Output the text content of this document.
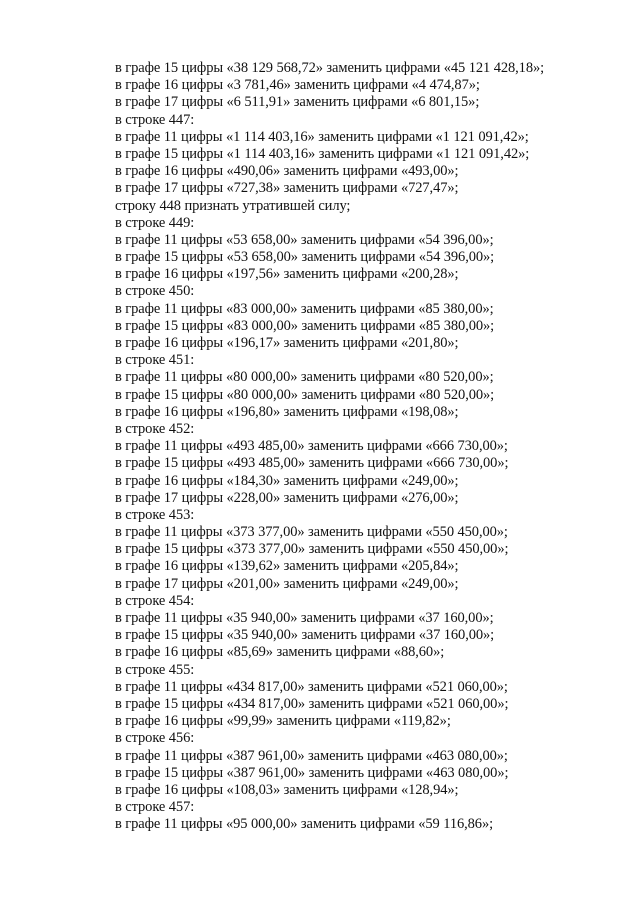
в графе 15 цифры «38 129 568,72» заменить цифрами «45 121 428,18»;
в графе 16 цифры «3 781,46» заменить цифрами «4 474,87»;
в графе 17 цифры «6 511,91» заменить цифрами «6 801,15»;
в строке 447:
в графе 11 цифры «1 114 403,16» заменить цифрами «1 121 091,42»;
в графе 15 цифры «1 114 403,16» заменить цифрами «1 121 091,42»;
в графе 16 цифры «490,06» заменить цифрами «493,00»;
в графе 17 цифры «727,38» заменить цифрами «727,47»;
строку 448 признать утратившей силу;
в строке 449:
в графе 11 цифры «53 658,00» заменить цифрами «54 396,00»;
в графе 15 цифры «53 658,00» заменить цифрами «54 396,00»;
в графе 16 цифры «197,56» заменить цифрами «200,28»;
в строке 450:
в графе 11 цифры «83 000,00» заменить цифрами «85 380,00»;
в графе 15 цифры «83 000,00» заменить цифрами «85 380,00»;
в графе 16 цифры «196,17» заменить цифрами «201,80»;
в строке 451:
в графе 11 цифры «80 000,00» заменить цифрами «80 520,00»;
в графе 15 цифры «80 000,00» заменить цифрами «80 520,00»;
в графе 16 цифры «196,80» заменить цифрами «198,08»;
в строке 452:
в графе 11 цифры «493 485,00» заменить цифрами «666 730,00»;
в графе 15 цифры «493 485,00» заменить цифрами «666 730,00»;
в графе 16 цифры «184,30» заменить цифрами «249,00»;
в графе 17 цифры «228,00» заменить цифрами «276,00»;
в строке 453:
в графе 11 цифры «373 377,00» заменить цифрами «550 450,00»;
в графе 15 цифры «373 377,00» заменить цифрами «550 450,00»;
в графе 16 цифры «139,62» заменить цифрами «205,84»;
в графе 17 цифры «201,00» заменить цифрами «249,00»;
в строке 454:
в графе 11 цифры «35 940,00» заменить цифрами «37 160,00»;
в графе 15 цифры «35 940,00» заменить цифрами «37 160,00»;
в графе 16 цифры «85,69» заменить цифрами «88,60»;
в строке 455:
в графе 11 цифры «434 817,00» заменить цифрами «521 060,00»;
в графе 15 цифры «434 817,00» заменить цифрами «521 060,00»;
в графе 16 цифры «99,99» заменить цифрами «119,82»;
в строке 456:
в графе 11 цифры «387 961,00» заменить цифрами «463 080,00»;
в графе 15 цифры «387 961,00» заменить цифрами «463 080,00»;
в графе 16 цифры «108,03» заменить цифрами «128,94»;
в строке 457:
в графе 11 цифры «95 000,00» заменить цифрами «59 116,86»;
